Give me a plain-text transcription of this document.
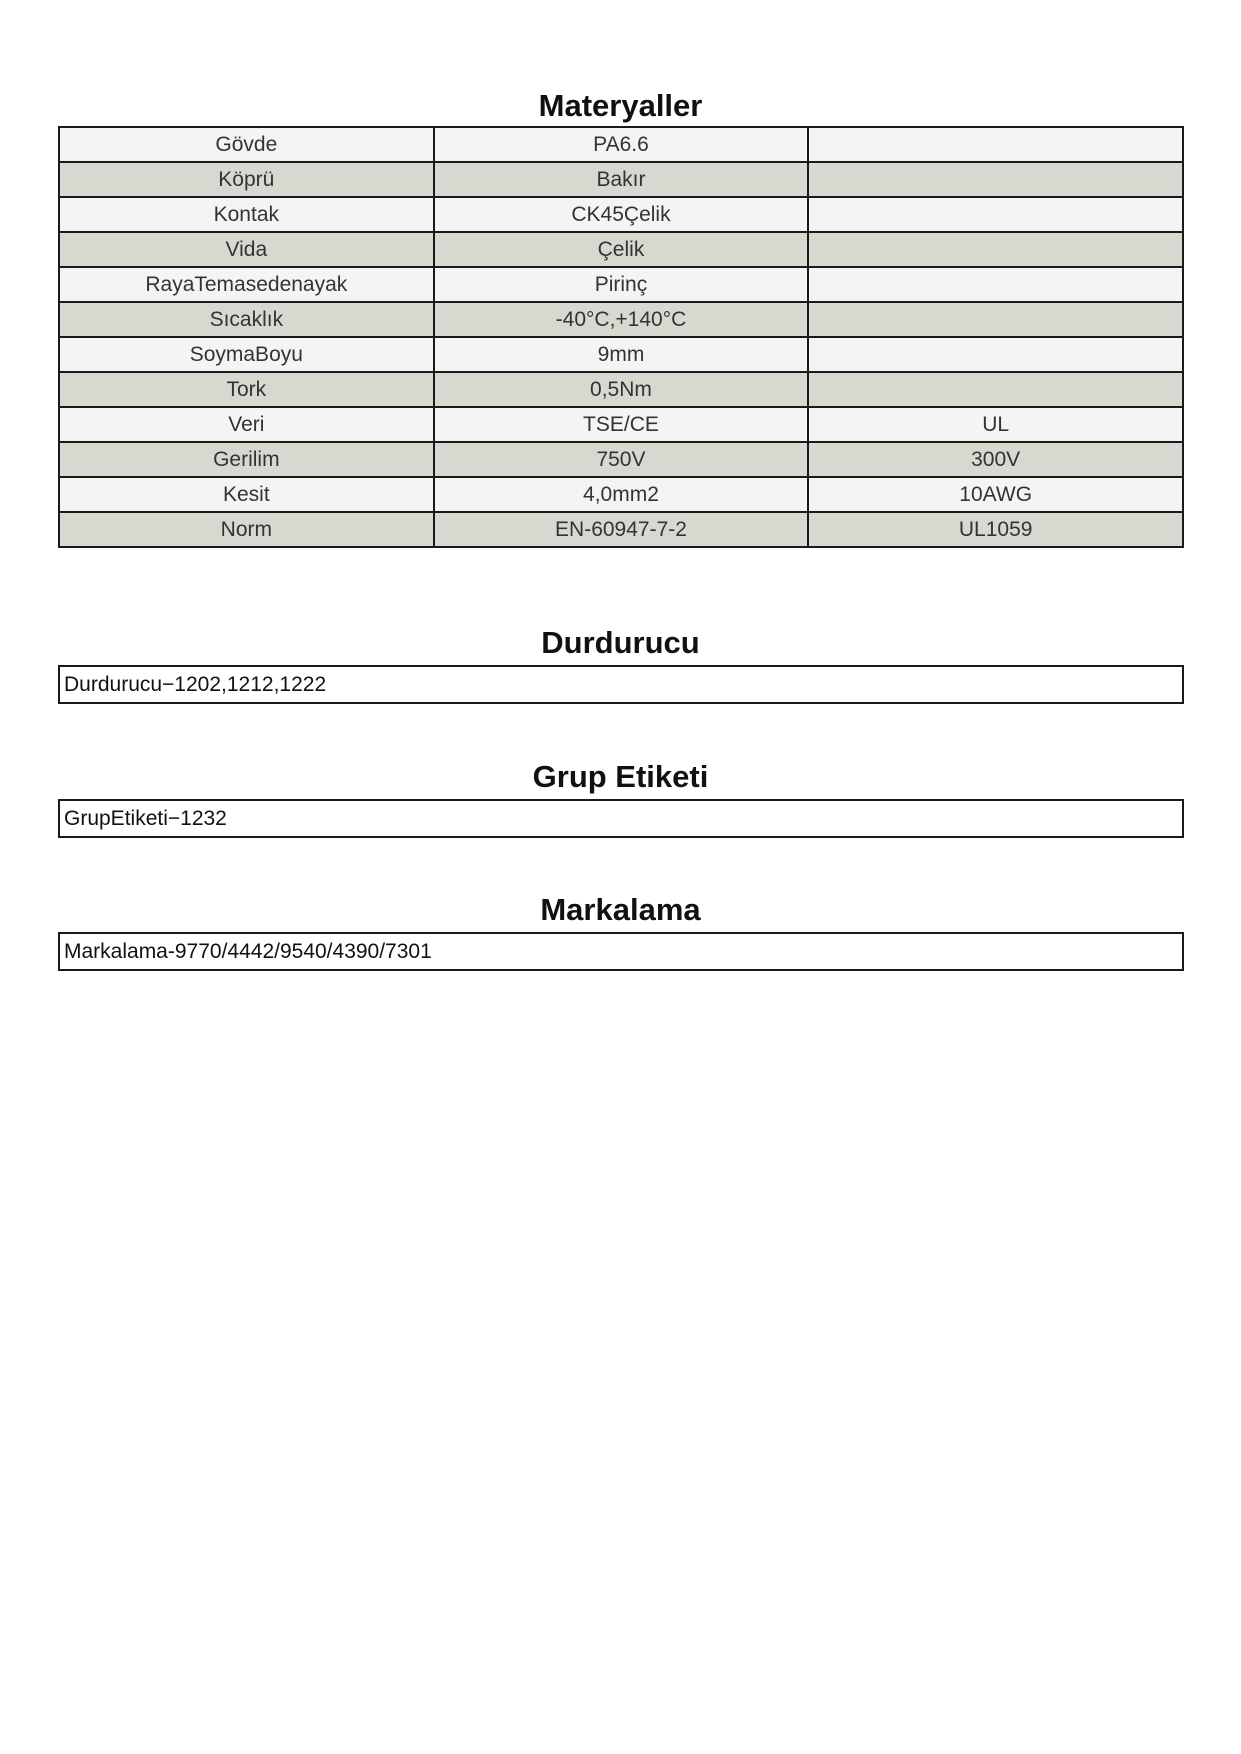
Materyaller
Gövde	PA6.6	
Köprü	Bakır	
Kontak	CK45Çelik	
Vida	Çelik	
RayaTemasedenayak	Pirinç	
Sıcaklık	-40°C,+140°C	
SoymaBoyu	9mm	
Tork	0,5Nm	
Veri	TSE/CE	UL
Gerilim	750V	300V
Kesit	4,0mm2	10AWG
Norm	EN-60947-7-2	UL1059
Durdurucu
Durdurucu−1202,1212,1222
Grup Etiketi
GrupEtiketi−1232
Markalama
Markalama-9770/4442/9540/4390/7301
